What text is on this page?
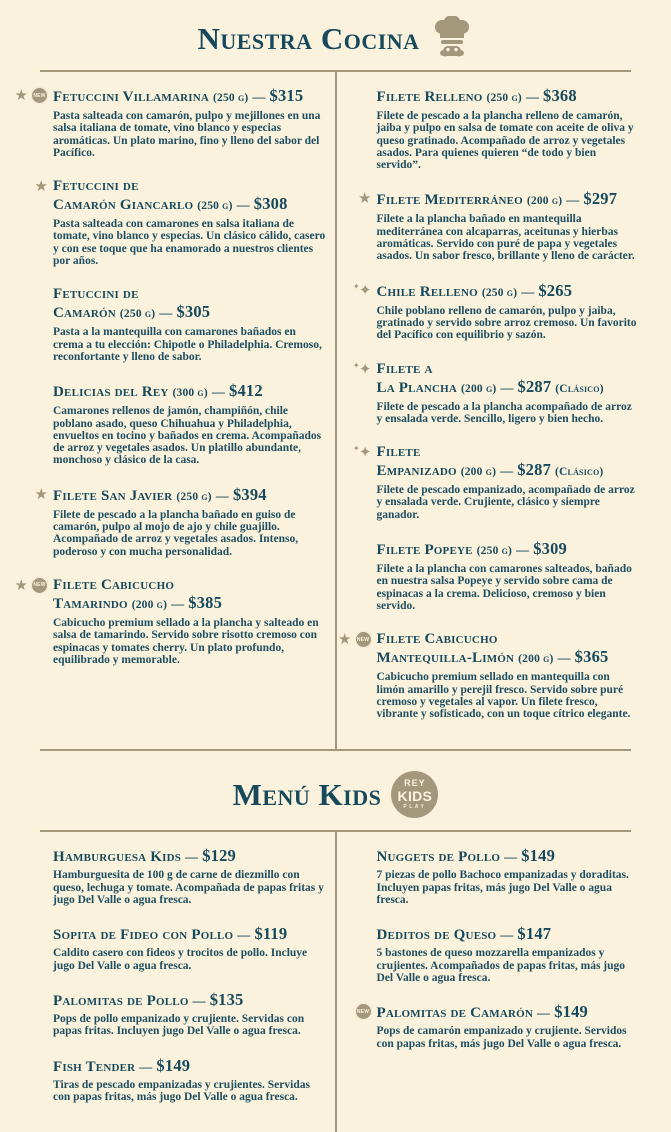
Nuestra Cocina
★	NEW Fetuccini Villamarina (250 g) — $315

Pasta salteada con camarón, pulpo y mejillones en una salsa italiana de tomate, vino blanco y especias aromáticas. Un plato marino, fino y lleno del sabor del Pacífico.

★ Fetuccini de
Camarón Giancarlo (250 g) — $308

Pasta salteada con camarones en salsa italiana de tomate, vino blanco y especias. Un clásico cálido, casero y con ese toque que ha enamorado a nuestros clientes por años.

Fetuccini de
Camarón (250 g) — $305

Pasta a la mantequilla con camarones bañados en crema a tu elección: Chipotle o Philadelphia. Cremoso, reconfortante y lleno de sabor.

Delicias del Rey (300 g) — $412

Camarones rellenos de jamón, champiñón, chile poblano asado, queso Chihuahua y Philadelphia, envueltos en tocino y bañados en crema. Acompañados de arroz y vegetales asados. Un platillo abundante, monchoso y clásico de la casa.

★ Filete San Javier (250 g) — $394

Filete de pescado a la plancha bañado en guiso de camarón, pulpo al mojo de ajo y chile guajillo. Acompañado de arroz y vegetales asados. Intenso, poderoso y con mucha personalidad.

★	NEW Filete Cabicucho
Tamarindo (200 g) — $385

Cabicucho premium sellado a la plancha y salteado en salsa de tamarindo. Servido sobre risotto cremoso con espinacas y tomates cherry. Un plato profundo, equilibrado y memorable.

Filete Relleno (250 g) — $368

Filete de pescado a la plancha relleno de camarón, jaiba y pulpo en salsa de tomate con aceite de oliva y queso gratinado. Acompañado de arroz y vegetales asados. Para quienes quieren “de todo y bien servido”.

★ Filete Mediterráneo (200 g) — $297

Filete a la plancha bañado en mantequilla mediterránea con alcaparras, aceitunas y hierbas aromáticas. Servido con puré de papa y vegetales asados. Un sabor fresco, brillante y lleno de carácter.

✦
✦ Chile Relleno (250 g) — $265

Chile poblano relleno de camarón, pulpo y jaiba, gratinado y servido sobre arroz cremoso. Un favorito del Pacífico con equilibrio y sazón.

✦
✦ Filete a
La Plancha (200 g) — $287 (Clásico)

Filete de pescado a la plancha acompañado de arroz y ensalada verde. Sencillo, ligero y bien hecho.

✦
✦ Filete
Empanizado (200 g) — $287 (Clásico)

Filete de pescado empanizado, acompañado de arroz y ensalada verde. Crujiente, clásico y siempre ganador.

Filete Popeye (250 g) — $309

Filete a la plancha con camarones salteados, bañado en nuestra salsa Popeye y servido sobre cama de espinacas a la crema. Delicioso, cremoso y bien servido.

★	NEW Filete Cabicucho
Mantequilla-Limón (200 g) — $365

Cabicucho premium sellado en mantequilla con limón amarillo y perejil fresco. Servido sobre puré cremoso y vegetales al vapor. Un filete fresco, vibrante y sofisticado, con un toque cítrico elegante.

Menú Kids	REY
KIDS
PLAY
Hamburguesa Kids — $129

Hamburguesita de 100 g de carne de diezmillo con queso, lechuga y tomate. Acompañada de papas fritas y jugo Del Valle o agua fresca.

Sopita de Fideo con Pollo — $119

Caldito casero con fideos y trocitos de pollo. Incluye jugo Del Valle o agua fresca.

Palomitas de Pollo — $135

Pops de pollo empanizado y crujiente. Servidas con papas fritas. Incluyen jugo Del Valle o agua fresca.

Fish Tender — $149

Tiras de pescado empanizadas y crujientes. Servidas con papas fritas, más jugo Del Valle o agua fresca.

Nuggets de Pollo — $149

7 piezas de pollo Bachoco empanizadas y doraditas. Incluyen papas fritas, más jugo Del Valle o agua fresca.

Deditos de Queso — $147

5 bastones de queso mozzarella empanizados y crujientes. Acompañados de papas fritas, más jugo Del Valle o agua fresca.

NEW Palomitas de Camarón — $149

Pops de camarón empanizado y crujiente. Servidos con papas fritas, más jugo Del Valle o agua fresca.
